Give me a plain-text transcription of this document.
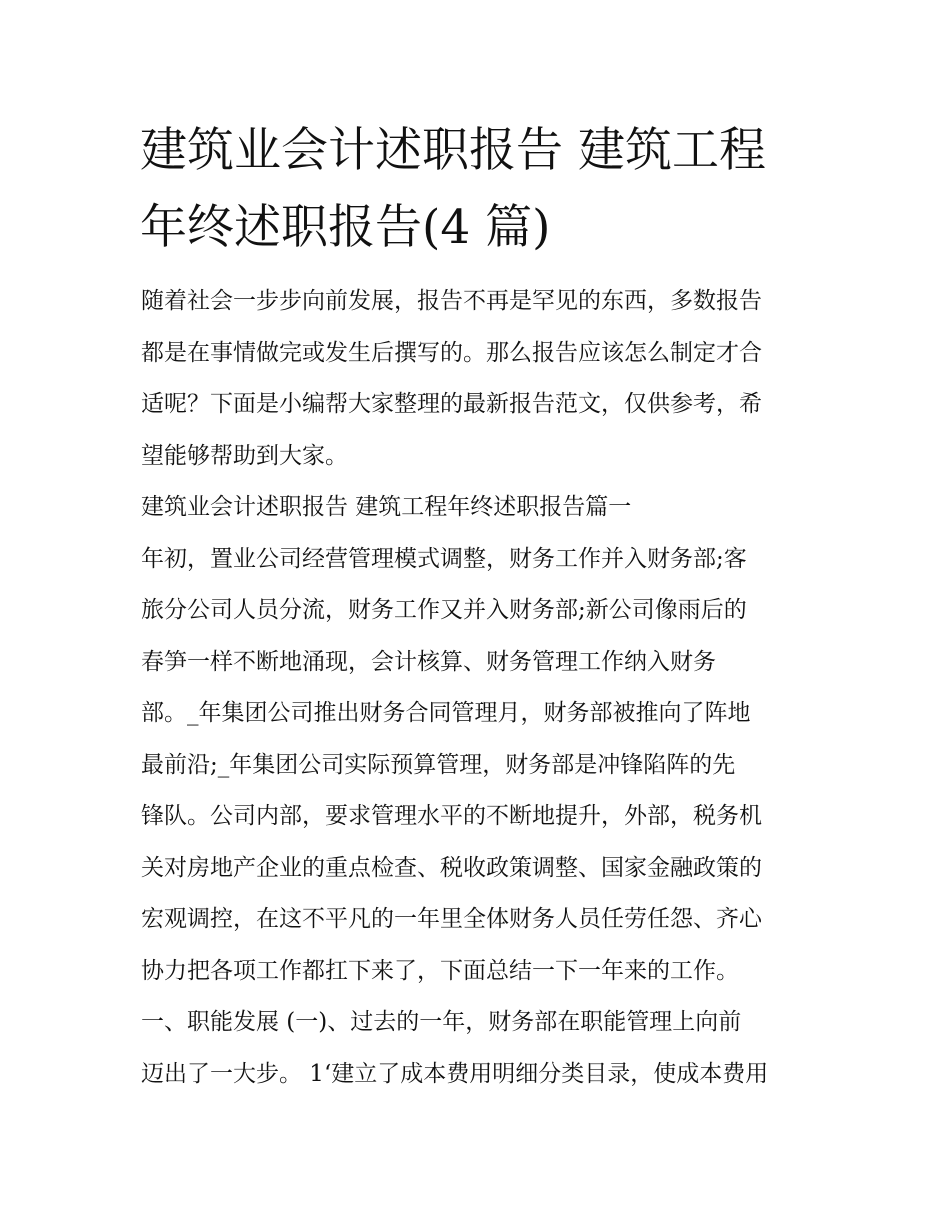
建筑业会计述职报告 建筑工程
年终述职报告(4 篇)
随着社会一步步向前发展，报告不再是罕见的东西，多数报告
都是在事情做完或发生后撰写的。那么报告应该怎么制定才合
适呢？下面是小编帮大家整理的最新报告范文，仅供参考，希
望能够帮助到大家。
建筑业会计述职报告 建筑工程年终述职报告篇一
年初，置业公司经营管理模式调整，财务工作并入财务部;客
旅分公司人员分流，财务工作又并入财务部;新公司像雨后的
春笋一样不断地涌现，会计核算、财务管理工作纳入财务
部。_年集团公司推出财务合同管理月，财务部被推向了阵地
最前沿;_年集团公司实际预算管理，财务部是冲锋陷阵的先
锋队。公司内部，要求管理水平的不断地提升，外部，税务机
关对房地产企业的重点检查、税收政策调整、国家金融政策的
宏观调控，在这不平凡的一年里全体财务人员任劳任怨、齐心
协力把各项工作都扛下来了，下面总结一下一年来的工作。
一、职能发展 (一)、过去的一年，财务部在职能管理上向前
迈出了一大步。 1‘建立了成本费用明细分类目录，使成本费用
